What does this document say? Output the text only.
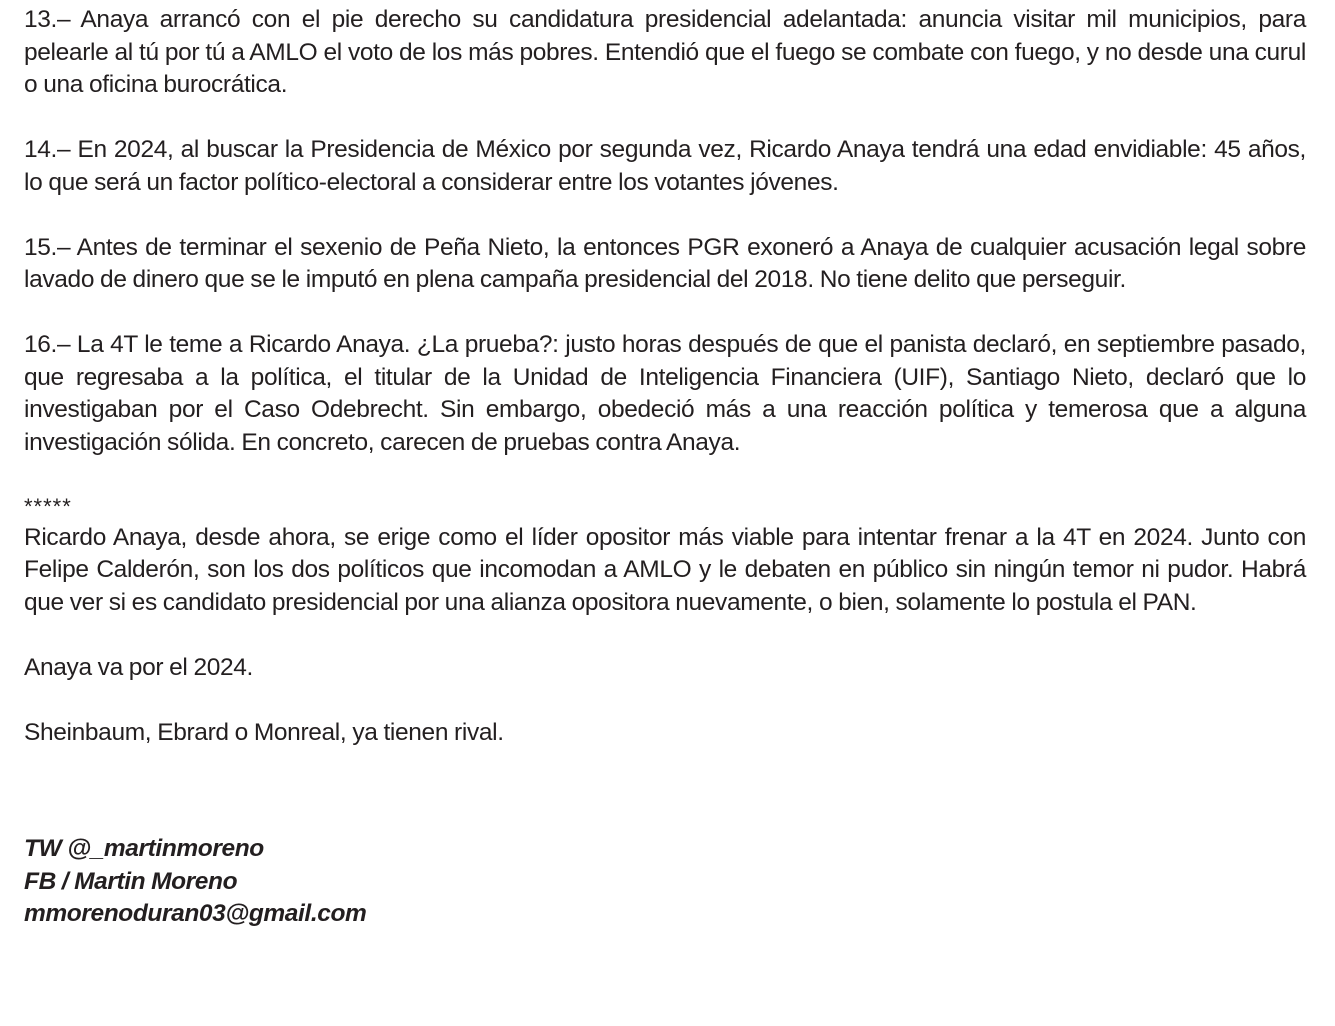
13.– Anaya arrancó con el pie derecho su candidatura presidencial adelantada: anuncia visitar mil municipios, para pelearle al tú por tú a AMLO el voto de los más pobres. Entendió que el fuego se combate con fuego, y no desde una curul o una oficina burocrática.

14.– En 2024, al buscar la Presidencia de México por segunda vez, Ricardo Anaya tendrá una edad envidiable: 45 años, lo que será un factor político-electoral a considerar entre los votantes jóvenes.

15.– Antes de terminar el sexenio de Peña Nieto, la entonces PGR exoneró a Anaya de cualquier acusación legal sobre lavado de dinero que se le imputó en plena campaña presidencial del 2018. No tiene delito que perseguir.

16.– La 4T le teme a Ricardo Anaya. ¿La prueba?: justo horas después de que el panista declaró, en septiembre pasado, que regresaba a la política, el titular de la Unidad de Inteligencia Financiera (UIF), Santiago Nieto, declaró que lo investigaban por el Caso Odebrecht. Sin embargo, obedeció más a una reacción política y temerosa que a alguna investigación sólida. En concreto, carecen de pruebas contra Anaya.

*****

Ricardo Anaya, desde ahora, se erige como el líder opositor más viable para intentar frenar a la 4T en 2024. Junto con Felipe Calderón, son los dos políticos que incomodan a AMLO y le debaten en público sin ningún temor ni pudor. Habrá que ver si es candidato presidencial por una alianza opositora nuevamente, o bien, solamente lo postula el PAN.

Anaya va por el 2024.

Sheinbaum, Ebrard o Monreal, ya tienen rival.

TW @_martinmoreno

FB / Martin Moreno

mmorenoduran03@gmail.com
